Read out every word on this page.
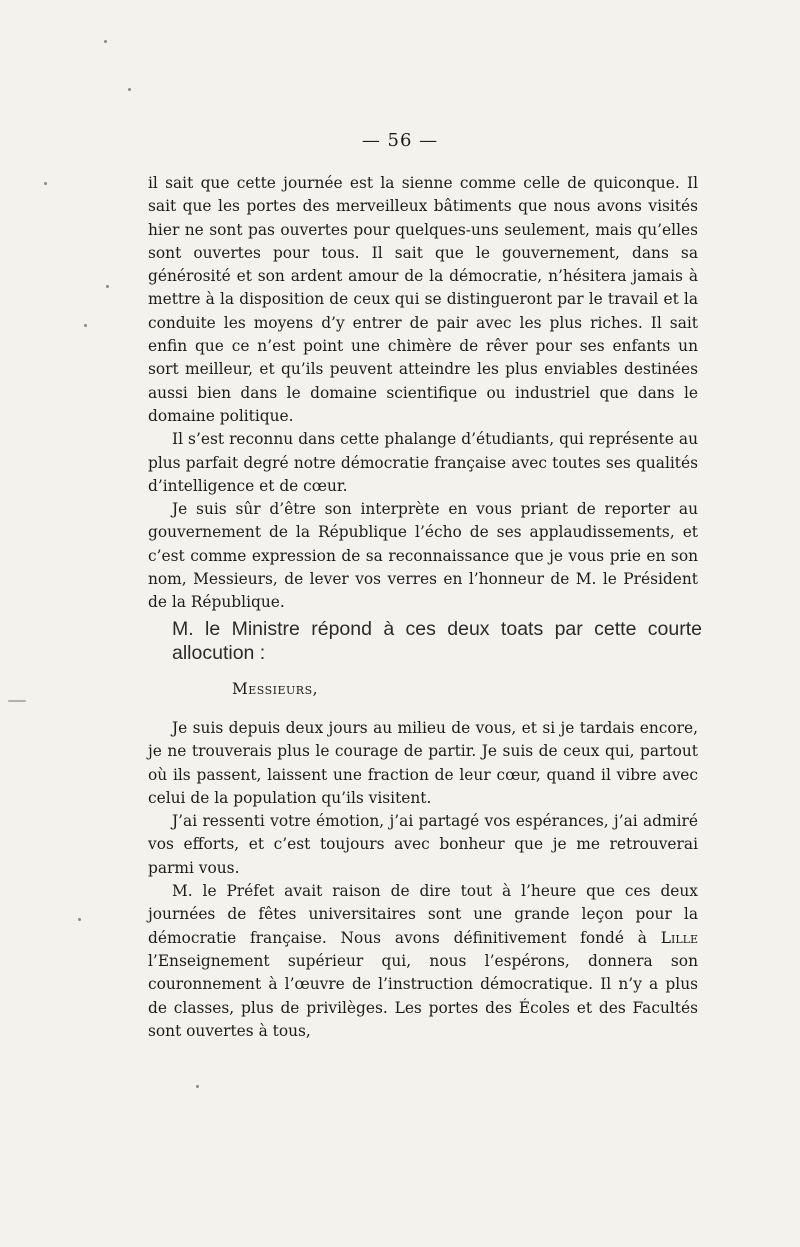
— 56 —

il sait que cette journée est la sienne comme celle de quiconque. Il sait que les portes des merveilleux bâtiments que nous avons visités hier ne sont pas ouvertes pour quelques-uns seulement, mais qu’elles sont ouvertes pour tous. Il sait que le gouvernement, dans sa générosité et son ardent amour de la démocratie, n’hésitera jamais à mettre à la disposition de ceux qui se distingueront par le travail et la conduite les moyens d’y entrer de pair avec les plus riches. Il sait enfin que ce n’est point une chimère de rêver pour ses enfants un sort meilleur, et qu’ils peuvent atteindre les plus enviables destinées aussi bien dans le domaine scientifique ou industriel que dans le domaine politique.

Il s’est reconnu dans cette phalange d’étudiants, qui représente au plus parfait degré notre démocratie française avec toutes ses qualités d’intelligence et de cœur.

Je suis sûr d’être son interprète en vous priant de reporter au gouvernement de la République l’écho de ses applaudissements, et c’est comme expression de sa reconnaissance que je vous prie en son nom, Messieurs, de lever vos verres en l’honneur de M. le Président de la République.

M. le Ministre répond à ces deux toats par cette courte allocution :
Messieurs,

Je suis depuis deux jours au milieu de vous, et si je tardais encore, je ne trouverais plus le courage de partir. Je suis de ceux qui, partout où ils passent, laissent une fraction de leur cœur, quand il vibre avec celui de la population qu’ils visitent.

J’ai ressenti votre émotion, j’ai partagé vos espérances, j’ai admiré vos efforts, et c’est toujours avec bonheur que je me retrouverai parmi vous.

M. le Préfet avait raison de dire tout à l’heure que ces deux journées de fêtes universitaires sont une grande leçon pour la démocratie française. Nous avons définitivement fondé à Lille l’Enseignement supérieur qui, nous l’espérons, donnera son couronnement à l’œuvre de l’instruction démocratique. Il n’y a plus de classes, plus de privilèges. Les portes des Écoles et des Facultés sont ouvertes à tous,
